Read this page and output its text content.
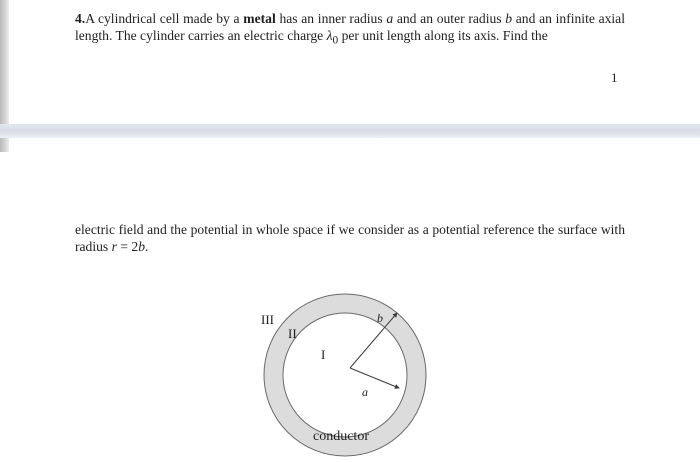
4.A cylindrical cell made by a metal has an inner radius a and an outer radius b and an infinite axial length. The cylinder carries an electric charge $\lambda_0$ per unit length along its axis. Find the

1

electric field and the potential in whole space if we consider as a potential reference the surface with radius r = 2b.

III
II
I
b
a
conductor
